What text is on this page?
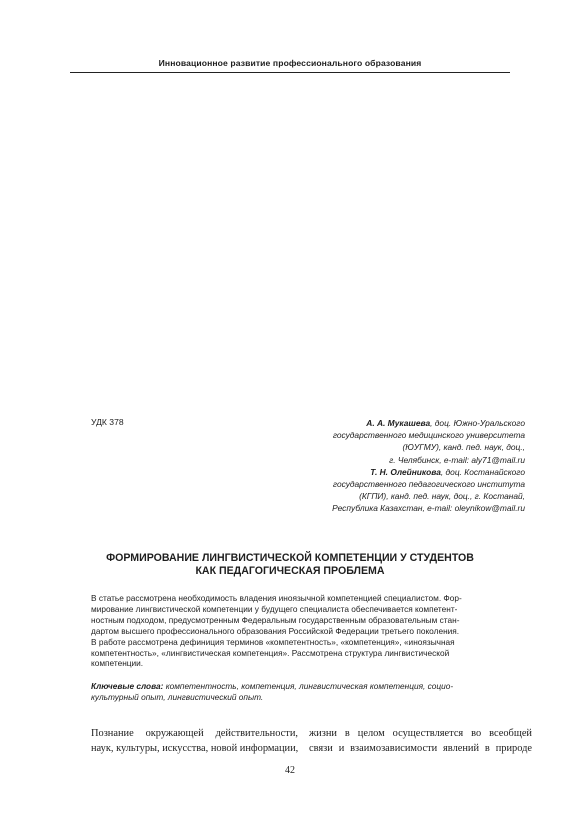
Инновационное развитие профессионального образования
УДК 378	А. А. Мукашева, доц. Южно-Уральского
государственного медицинского университета
(ЮУГМУ), канд. пед. наук, доц.,
г. Челябинск, e-mail: aly71@mail.ru
Т. Н. Олейникова, доц. Костанайского
государственного педагогического института
(КГПИ), канд. пед. наук, доц., г. Костанай,
Республика Казахстан, e-mail: oleynikow@mail.ru
ФОРМИРОВАНИЕ ЛИНГВИСТИЧЕСКОЙ КОМПЕТЕНЦИИ У СТУДЕНТОВ
КАК ПЕДАГОГИЧЕСКАЯ ПРОБЛЕМА
В статье рассмотрена необходимость владения иноязычной компетенцией специалистом. Фор-
мирование лингвистической компетенции у будущего специалиста обеспечивается компетент-
ностным подходом, предусмотренным Федеральным государственным образовательным стан-
дартом высшего профессионального образования Российской Федерации третьего поколения.
В работе рассмотрена дефиниция терминов «компетентность», «компетенция», «иноязычная
компетентность», «лингвистическая компетенция». Рассмотрена структура лингвистической
компетенции.
Ключевые слова: компетентность, компетенция, лингвистическая компетенция, социо-
культурный опыт, лингвистический опыт.
Познание окружающей действительности,
наук, культуры, искусства, новой информации,
жизни в целом осуществляется во всеобщей
связи и взаимозависимости явлений в природе
42
